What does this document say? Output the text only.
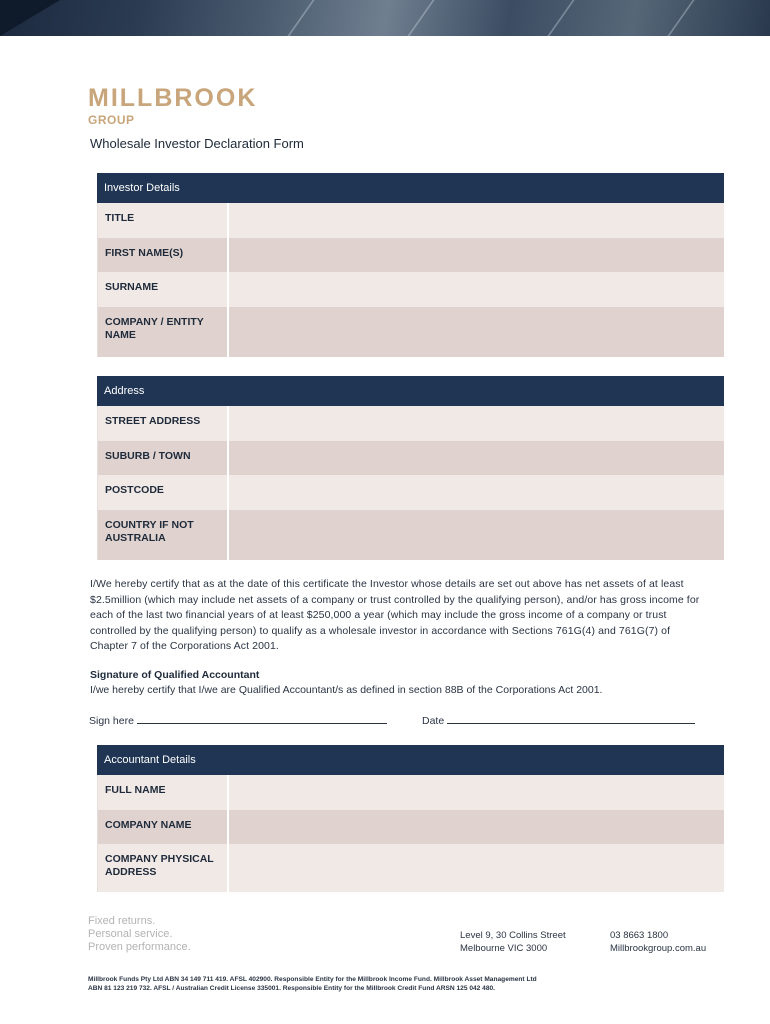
MILLBROOK
GROUP
Wholesale Investor Declaration Form
Investor Details
TITLE
FIRST NAME(S)
SURNAME
COMPANY / ENTITY NAME
Address
STREET ADDRESS
SUBURB / TOWN
POSTCODE
COUNTRY IF NOT AUSTRALIA
I/We hereby certify that as at the date of this certificate the Investor whose details are set out above has net assets of at least $2.5million (which may include net assets of a company or trust controlled by the qualifying person), and/or has gross income for each of the last two financial years of at least $250,000 a year (which may include the gross income of a company or trust controlled by the qualifying person) to qualify as a wholesale investor in accordance with Sections 761G(4) and 761G(7) of Chapter 7 of the Corporations Act 2001.
Signature of Qualified Accountant
I/we hereby certify that I/we are Qualified Accountant/s as defined in section 88B of the Corporations Act 2001.
Sign here	Date
Accountant Details
FULL NAME
COMPANY NAME
COMPANY PHYSICAL ADDRESS
Fixed returns.
Personal service.
Proven performance.
Level 9, 30 Collins Street
Melbourne VIC 3000
03 8663 1800
Millbrookgroup.com.au
Millbrook Funds Pty Ltd ABN 34 149 711 419. AFSL 402900. Responsible Entity for the Millbrook Income Fund. Millbrook Asset Management Ltd
ABN 81 123 219 732. AFSL / Australian Credit License 335001. Responsible Entity for the Millbrook Credit Fund ARSN 125 042 480.
